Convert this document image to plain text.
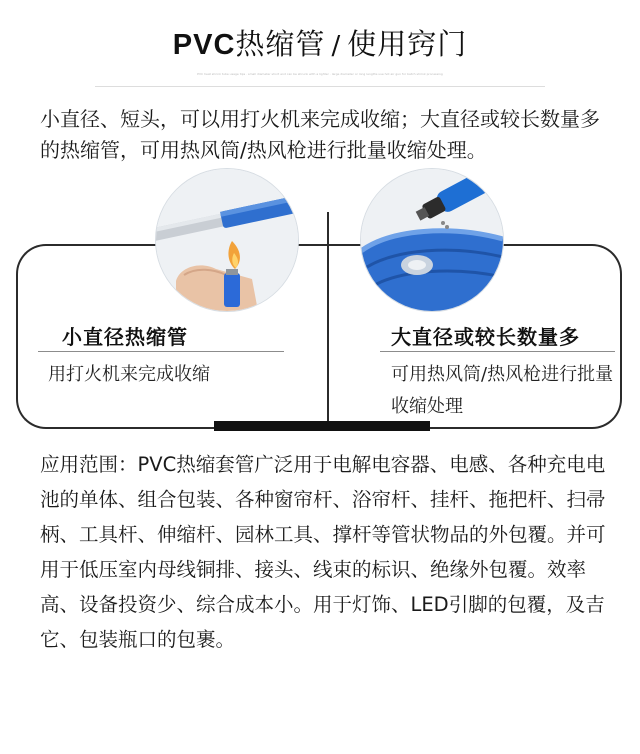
PVC热缩管 / 使用窍门
PVC heat shrink tube usage tips · small diameter short end can be shrunk with a lighter · large diameter or long lengths use hot air gun for batch shrink processing
小直径、短头，可以用打火机来完成收缩；大直径或较长数量多的热缩管，可用热风筒/热风枪进行批量收缩处理。
小直径热缩管	大直径或较长数量多
用打火机来完成收缩	可用热风筒/热风枪进行批量收缩处理
应用范围：PVC热缩套管广泛用于电解电容器、电感、各种充电电池的单体、组合包装、各种窗帘杆、浴帘杆、挂杆、拖把杆、扫帚柄、工具杆、伸缩杆、园林工具、撑杆等管状物品的外包覆。并可用于低压室内母线铜排、接头、线束的标识、绝缘外包覆。效率高、设备投资少、综合成本小。用于灯饰、LED引脚的包覆，及吉它、包装瓶口的包裹。
